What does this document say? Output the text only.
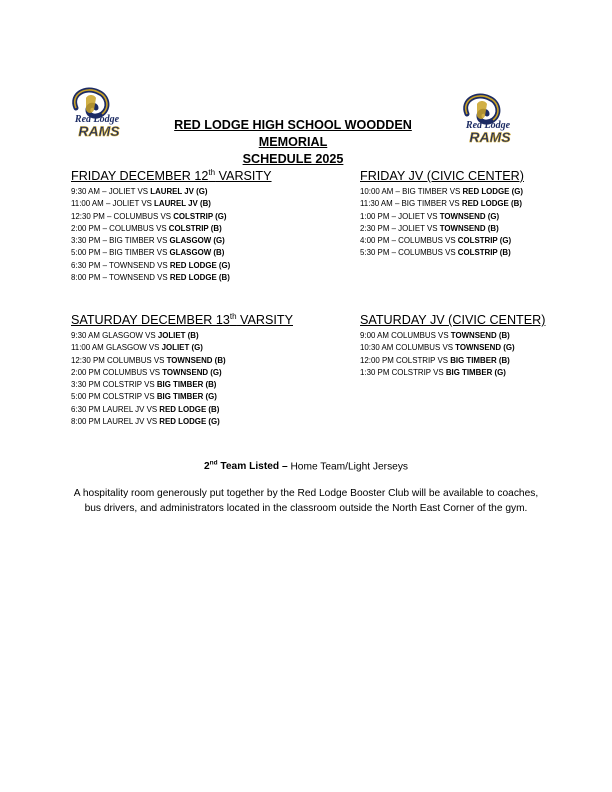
Red Lodge
RAMS	Red Lodge
RAMS
RED LODGE HIGH SCHOOL WOODDEN MEMORIAL
SCHEDULE 2025
FRIDAY DECEMBER 12th VARSITY
9:30 AM – JOLIET VS LAUREL JV (G)
11:00 AM – JOLIET VS LAUREL JV (B)
12:30 PM – COLUMBUS VS COLSTRIP (G)
2:00 PM – COLUMBUS VS COLSTRIP (B)
3:30 PM – BIG TIMBER VS GLASGOW (G)
5:00 PM – BIG TIMBER VS GLASGOW (B)
6:30 PM – TOWNSEND VS RED LODGE (G)
8:00 PM – TOWNSEND VS RED LODGE (B)
FRIDAY JV (CIVIC CENTER)
10:00 AM – BIG TIMBER VS RED LODGE (G)
11:30 AM – BIG TIMBER VS RED LODGE (B)
1:00 PM – JOLIET VS TOWNSEND (G)
2:30 PM – JOLIET VS TOWNSEND (B)
4:00 PM – COLUMBUS VS COLSTRIP (G)
5:30 PM – COLUMBUS VS COLSTRIP (B)
SATURDAY DECEMBER 13th VARSITY
9:30 AM GLASGOW VS JOLIET (B)
11:00 AM GLASGOW VS JOLIET (G)
12:30 PM COLUMBUS VS TOWNSEND (B)
2:00 PM COLUMBUS VS TOWNSEND (G)
3:30 PM COLSTRIP VS BIG TIMBER (B)
5:00 PM COLSTRIP VS BIG TIMBER (G)
6:30 PM LAUREL JV VS RED LODGE (B)
8:00 PM LAUREL JV VS RED LODGE (G)
SATURDAY JV (CIVIC CENTER)
9:00 AM COLUMBUS VS TOWNSEND (B)
10:30 AM COLUMBUS VS TOWNSEND (G)
12:00 PM COLSTRIP VS BIG TIMBER (B)
1:30 PM COLSTRIP VS BIG TIMBER (G)
2nd Team Listed – Home Team/Light Jerseys
A hospitality room generously put together by the Red Lodge Booster Club will be available to coaches, bus drivers, and administrators located in the classroom outside the North East Corner of the gym.
